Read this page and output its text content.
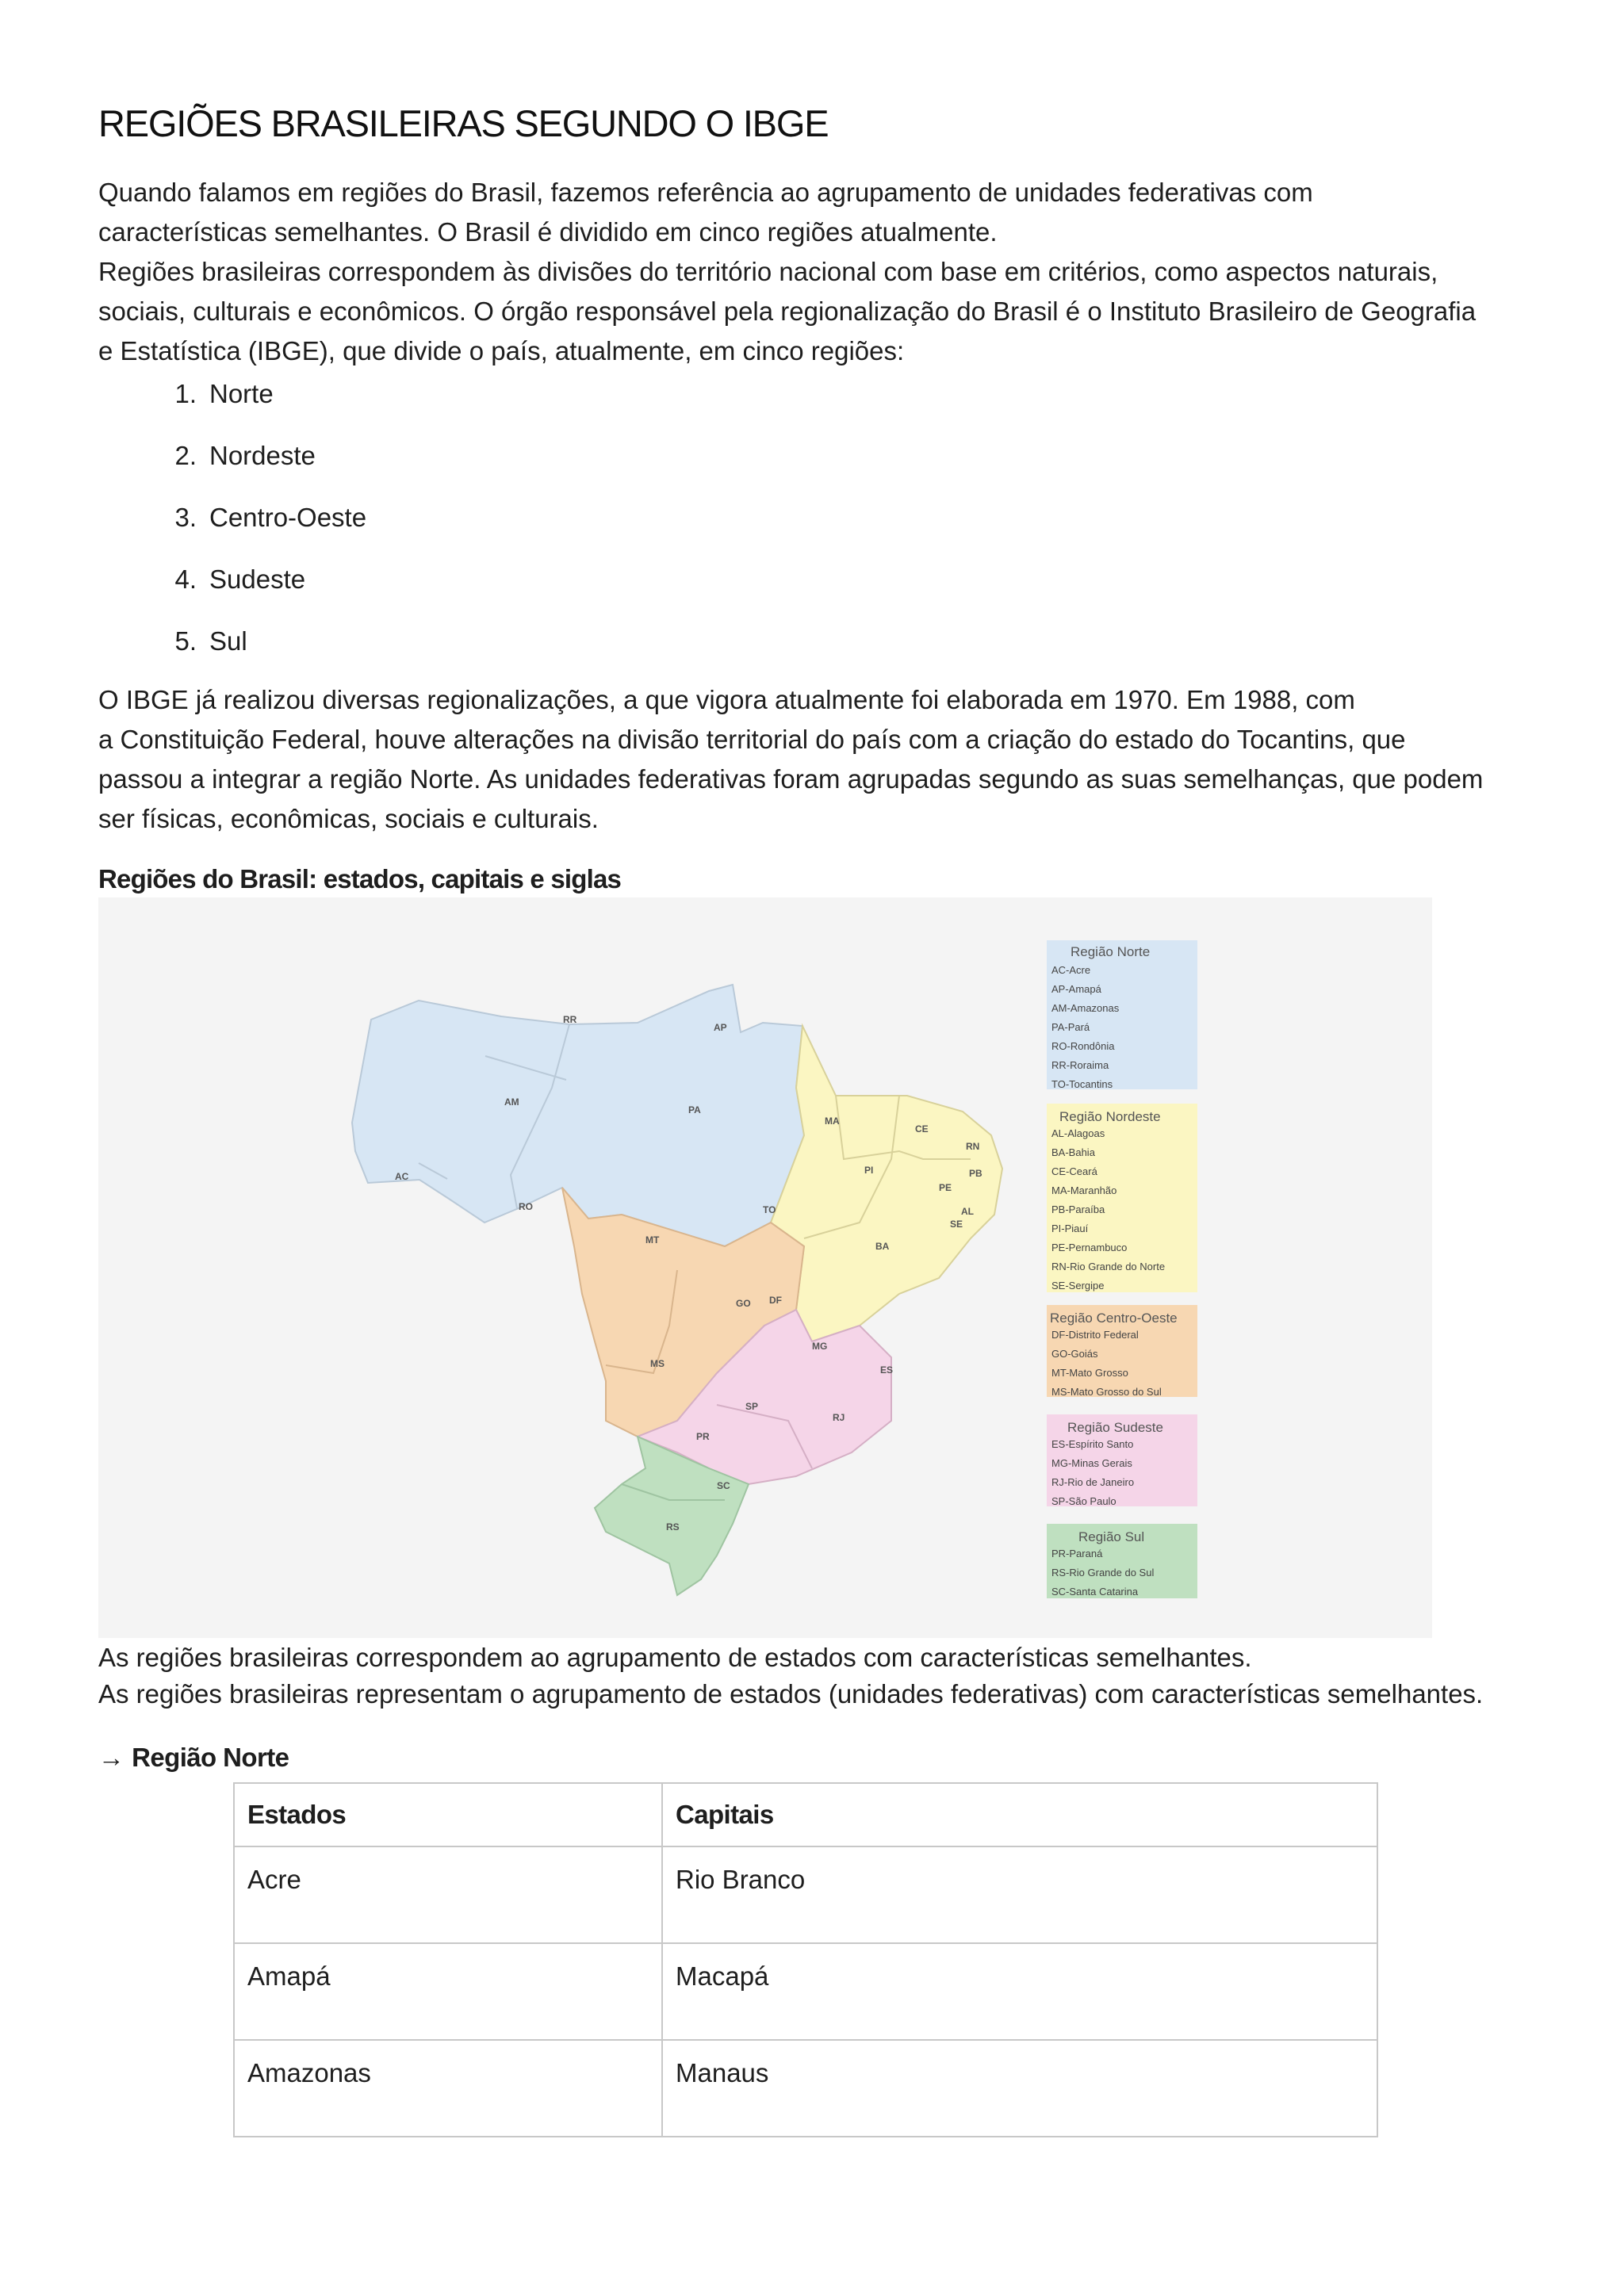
REGIÕES BRASILEIRAS SEGUNDO O IBGE
Quando falamos em regiões do Brasil, fazemos referência ao agrupamento de unidades federativas com
características semelhantes. O Brasil é dividido em cinco regiões atualmente.
Regiões brasileiras correspondem às divisões do território nacional com base em critérios, como aspectos naturais,
sociais, culturais e econômicos. O órgão responsável pela regionalização do Brasil é o Instituto Brasileiro de Geografia
e Estatística (IBGE), que divide o país, atualmente, em cinco regiões:
1. Norte
2. Nordeste
3. Centro-Oeste
4. Sudeste
5. Sul
O IBGE já realizou diversas regionalizações, a que vigora atualmente foi elaborada em 1970. Em 1988, com
a Constituição Federal, houve alterações na divisão territorial do país com a criação do estado do Tocantins, que
passou a integrar a região Norte. As unidades federativas foram agrupadas segundo as suas semelhanças, que podem
ser físicas, econômicas, sociais e culturais.
Regiões do Brasil: estados, capitais e siglas
RR
AP
AM
PA
AC
RO
MA
CE
RN
PB
PI
PE
AL
SE
TO
BA
MT
GO DF
MG
ES
MS
SP
RJ
PR
SC
RS
Região Norte
AC-Acre
AP-Amapá
AM-Amazonas
PA-Pará
RO-Rondônia
RR-Roraima
TO-Tocantins
Região Nordeste
AL-Alagoas
BA-Bahia
CE-Ceará
MA-Maranhão
PB-Paraíba
PI-Piauí
PE-Pernambuco
RN-Rio Grande do Norte
SE-Sergipe
Região Centro-Oeste
DF-Distrito Federal
GO-Goiás
MT-Mato Grosso
MS-Mato Grosso do Sul
Região Sudeste
ES-Espírito Santo
MG-Minas Gerais
RJ-Rio de Janeiro
SP-São Paulo
Região Sul
PR-Paraná
RS-Rio Grande do Sul
SC-Santa Catarina
As regiões brasileiras correspondem ao agrupamento de estados com características semelhantes.
As regiões brasileiras representam o agrupamento de estados (unidades federativas) com características semelhantes.
→ Região Norte
Estados	Capitais
Acre	Rio Branco
Amapá	Macapá
Amazonas	Manaus
